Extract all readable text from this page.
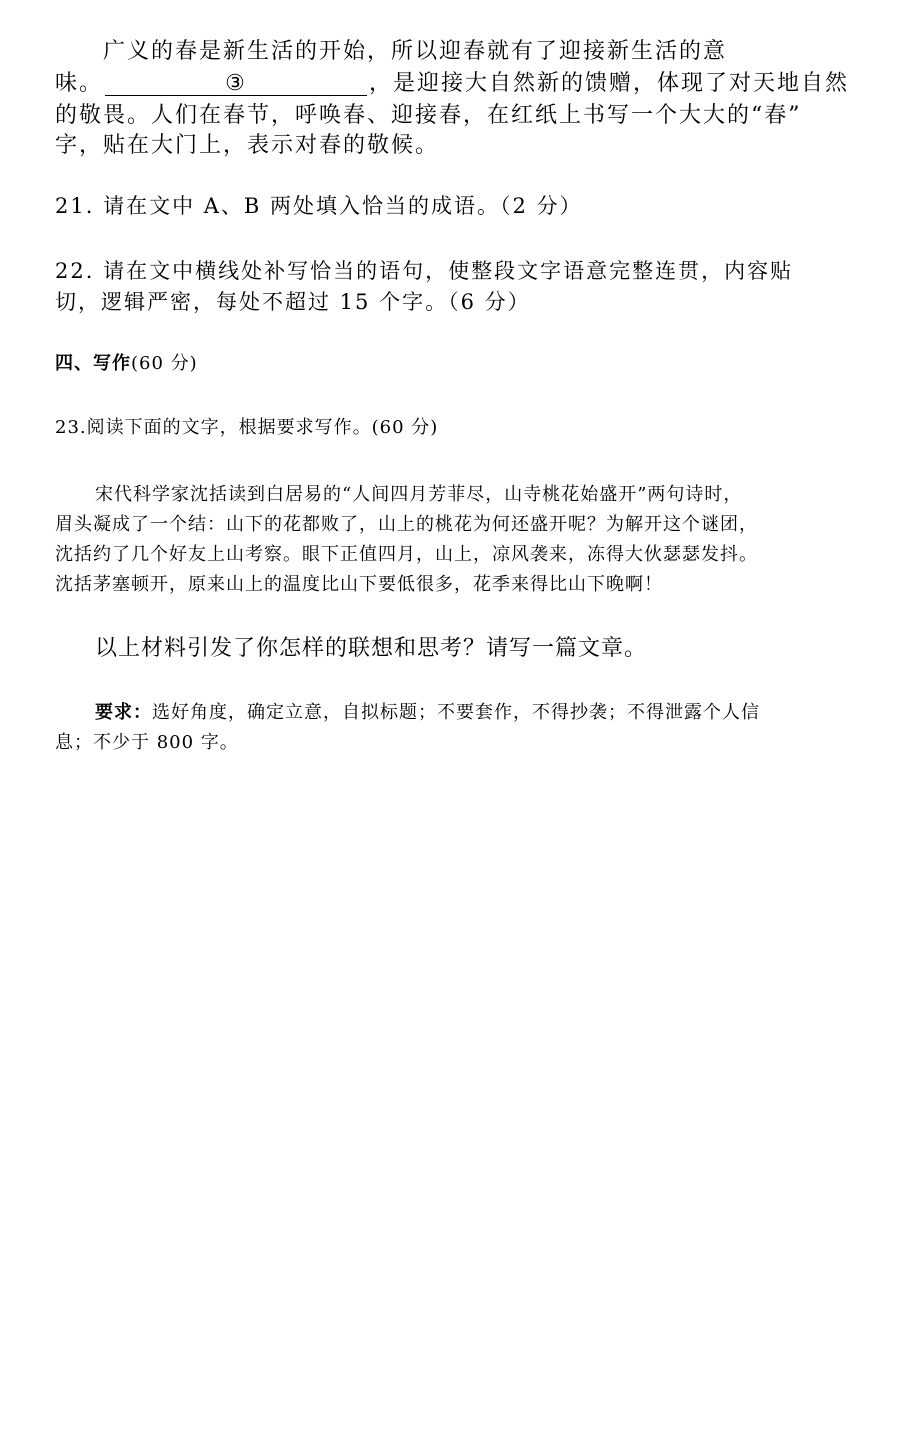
广义的春是新生活的开始，所以迎春就有了迎接新生活的意
味。	③	，是迎接大自然新的馈赠，体现了对天地自然
的敬畏。人们在春节，呼唤春、迎接春，在红纸上书写一个大大的“春”
字，贴在大门上，表示对春的敬候。
21. 请在文中 A、B 两处填入恰当的成语。（2 分）
22. 请在文中横线处补写恰当的语句，使整段文字语意完整连贯，内容贴
切，逻辑严密，每处不超过 15 个字。（6 分）
四、写作(60 分)
23.阅读下面的文字，根据要求写作。(60 分)
宋代科学家沈括读到白居易的“人间四月芳菲尽，山寺桃花始盛开”两句诗时，
眉头凝成了一个结：山下的花都败了，山上的桃花为何还盛开呢？为解开这个谜团，
沈括约了几个好友上山考察。眼下正值四月，山上，凉风袭来，冻得大伙瑟瑟发抖。
沈括茅塞顿开，原来山上的温度比山下要低很多，花季来得比山下晚啊！
以上材料引发了你怎样的联想和思考？请写一篇文章。
要求：选好角度，确定立意，自拟标题；不要套作，不得抄袭；不得泄露个人信
息；不少于 800 字。
